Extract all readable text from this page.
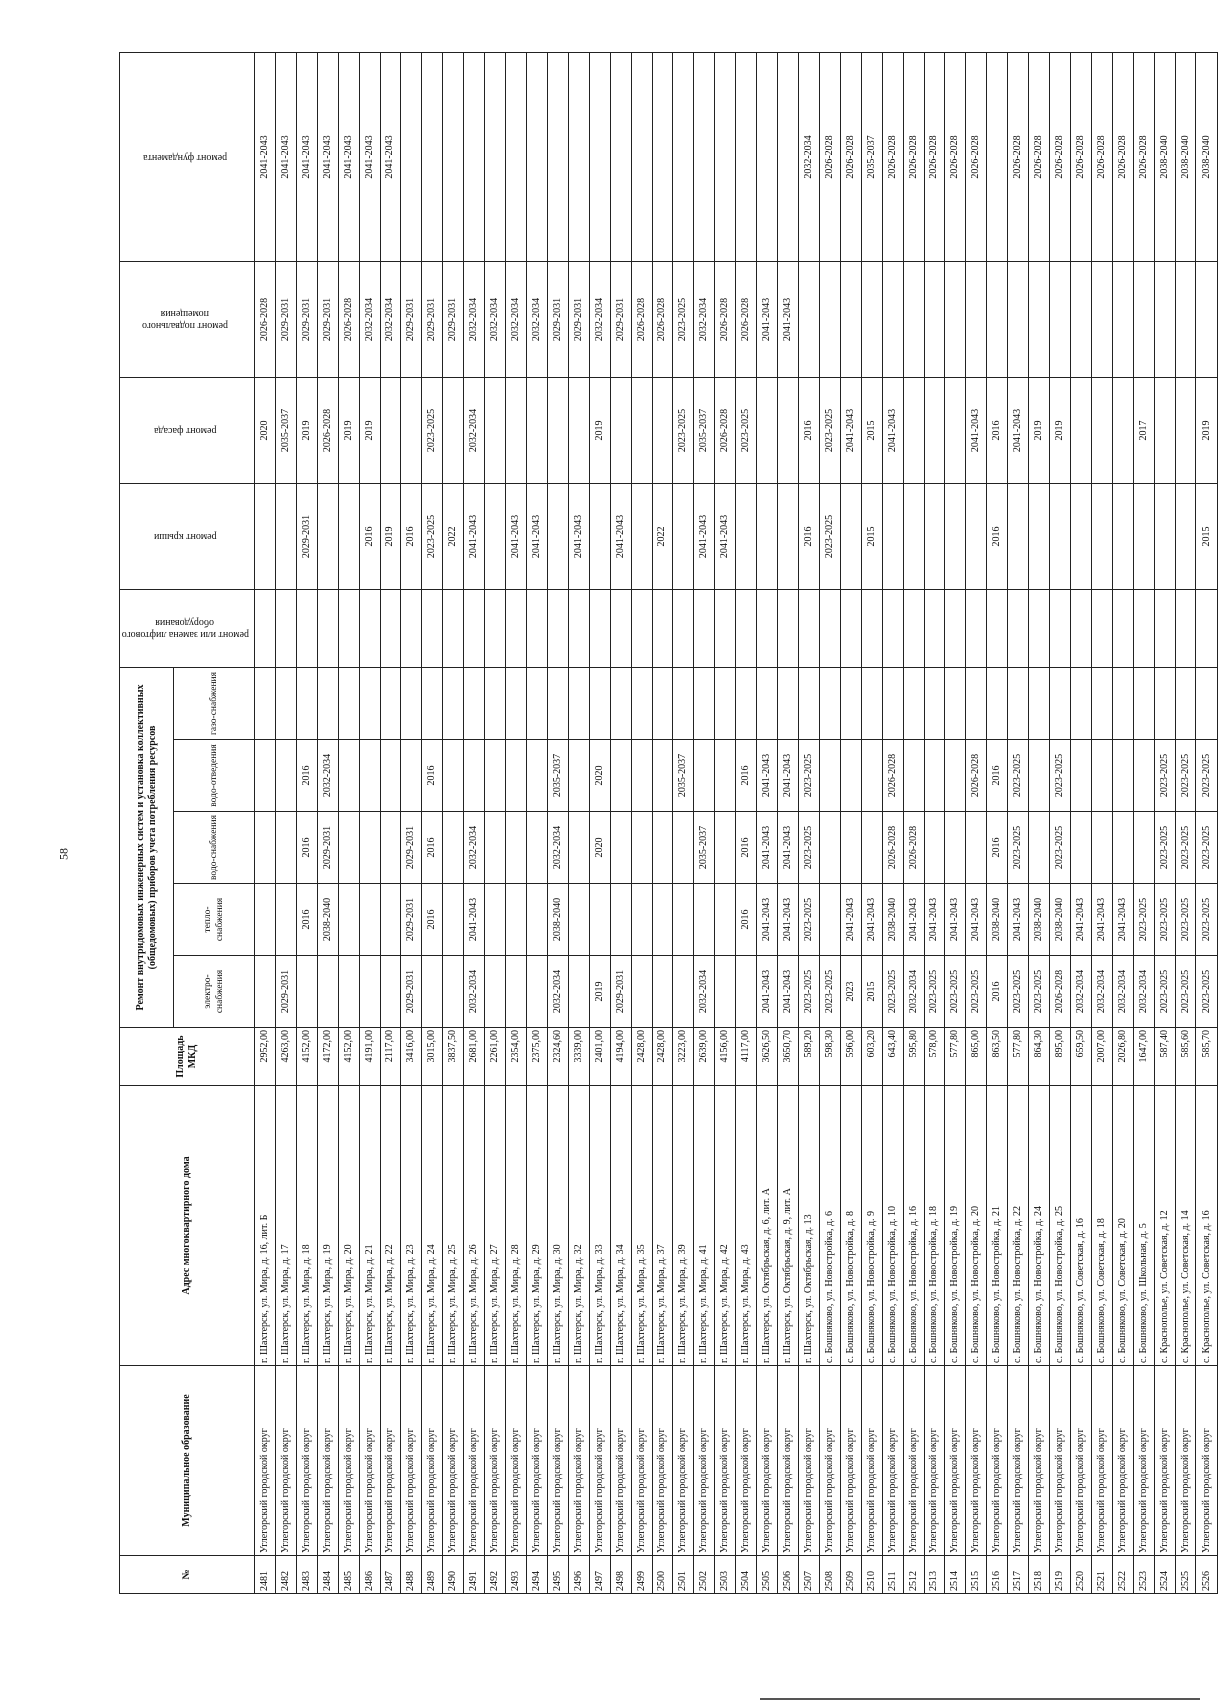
58
№	Муниципальное образование	Адрес многоквартирного дома	Площадь МКД	Ремонт внутридомовых инженерных систем и установка коллективных (общедомовых) приборов учета потребления ресурсов					ремонт или замена лифтового оборудования	ремонт крыши	ремонт фасада	ремонт подвального помещения	ремонт фундамента
				электро-снабжения	тепло-снабжения	водо-снабжения	водо-отведения	газо-снабжения					
2481	Углегорский городской округ	г. Шахтерск, ул. Мира, д. 16, лит. Б	2952,00								2020	2026-2028	2041-2043
2482	Углегорский городской округ	г. Шахтерск, ул. Мира, д. 17	4263,00	2029-2031							2035-2037	2029-2031	2041-2043
2483	Углегорский городской округ	г. Шахтерск, ул. Мира, д. 18	4152,00		2016	2016	2016			2029-2031	2019	2029-2031	2041-2043
2484	Углегорский городской округ	г. Шахтерск, ул. Мира, д. 19	4172,00		2038-2040	2029-2031	2032-2034				2026-2028	2029-2031	2041-2043
2485	Углегорский городской округ	г. Шахтерск, ул. Мира, д. 20	4152,00								2019	2026-2028	2041-2043
2486	Углегорский городской округ	г. Шахтерск, ул. Мира, д. 21	4191,00							2016	2019	2032-2034	2041-2043
2487	Углегорский городской округ	г. Шахтерск, ул. Мира, д. 22	2117,00							2019		2032-2034	2041-2043
2488	Углегорский городской округ	г. Шахтерск, ул. Мира, д. 23	3416,00	2029-2031	2029-2031	2029-2031				2016		2029-2031	
2489	Углегорский городской округ	г. Шахтерск, ул. Мира, д. 24	3015,00		2016	2016	2016			2023-2025	2023-2025	2029-2031	
2490	Углегорский городской округ	г. Шахтерск, ул. Мира, д. 25	3837,50							2022		2029-2031	
2491	Углегорский городской округ	г. Шахтерск, ул. Мира, д. 26	2681,00	2032-2034	2041-2043	2032-2034				2041-2043	2032-2034	2032-2034	
2492	Углегорский городской округ	г. Шахтерск, ул. Мира, д. 27	2261,00									2032-2034	
2493	Углегорский городской округ	г. Шахтерск, ул. Мира, д. 28	2354,00							2041-2043		2032-2034	
2494	Углегорский городской округ	г. Шахтерск, ул. Мира, д. 29	2375,00							2041-2043		2032-2034	
2495	Углегорский городской округ	г. Шахтерск, ул. Мира, д. 30	2324,60	2032-2034	2038-2040	2032-2034	2035-2037					2029-2031	
2496	Углегорский городской округ	г. Шахтерск, ул. Мира, д. 32	3339,00							2041-2043		2029-2031	
2497	Углегорский городской округ	г. Шахтерск, ул. Мира, д. 33	2401,00	2019		2020	2020				2019	2032-2034	
2498	Углегорский городской округ	г. Шахтерск, ул. Мира, д. 34	4194,00	2029-2031						2041-2043		2029-2031	
2499	Углегорский городской округ	г. Шахтерск, ул. Мира, д. 35	2428,00									2026-2028	
2500	Углегорский городской округ	г. Шахтерск, ул. Мира, д. 37	2428,00							2022		2026-2028	
2501	Углегорский городской округ	г. Шахтерск, ул. Мира, д. 39	3223,00				2035-2037				2023-2025	2023-2025	
2502	Углегорский городской округ	г. Шахтерск, ул. Мира, д. 41	2639,00	2032-2034		2035-2037				2041-2043	2035-2037	2032-2034	
2503	Углегорский городской округ	г. Шахтерск, ул. Мира, д. 42	4156,00							2041-2043	2026-2028	2026-2028	
2504	Углегорский городской округ	г. Шахтерск, ул. Мира, д. 43	4117,00		2016	2016	2016				2023-2025	2026-2028	
2505	Углегорский городской округ	г. Шахтерск, ул. Октябрьская, д. 6, лит. А	3626,50	2041-2043	2041-2043	2041-2043	2041-2043					2041-2043	
2506	Углегорский городской округ	г. Шахтерск, ул. Октябрьская, д. 9, лит. А	3650,70	2041-2043	2041-2043	2041-2043	2041-2043					2041-2043	
2507	Углегорский городской округ	г. Шахтерск, ул. Октябрьская, д. 13	589,20	2023-2025	2023-2025	2023-2025	2023-2025			2016	2016		2032-2034
2508	Углегорский городской округ	с. Бошняково, ул. Новостройка, д. 6	598,30	2023-2025						2023-2025	2023-2025		2026-2028
2509	Углегорский городской округ	с. Бошняково, ул. Новостройка, д. 8	596,00	2023	2041-2043						2041-2043		2026-2028
2510	Углегорский городской округ	с. Бошняково, ул. Новостройка, д. 9	603,20	2015	2041-2043					2015	2015		2035-2037
2511	Углегорский городской округ	с. Бошняково, ул. Новостройка, д. 10	643,40	2023-2025	2038-2040	2026-2028	2026-2028				2041-2043		2026-2028
2512	Углегорский городской округ	с. Бошняково, ул. Новостройка, д. 16	595,80	2032-2034	2041-2043	2026-2028							2026-2028
2513	Углегорский городской округ	с. Бошняково, ул. Новостройка, д. 18	578,00	2023-2025	2041-2043								2026-2028
2514	Углегорский городской округ	с. Бошняково, ул. Новостройка, д. 19	577,80	2023-2025	2041-2043								2026-2028
2515	Углегорский городской округ	с. Бошняково, ул. Новостройка, д. 20	865,00	2023-2025	2041-2043		2026-2028				2041-2043		2026-2028
2516	Углегорский городской округ	с. Бошняково, ул. Новостройка, д. 21	863,50	2016	2038-2040	2016	2016			2016	2016		
2517	Углегорский городской округ	с. Бошняково, ул. Новостройка, д. 22	577,80	2023-2025	2041-2043	2023-2025	2023-2025				2041-2043		2026-2028
2518	Углегорский городской округ	с. Бошняково, ул. Новостройка, д. 24	864,30	2023-2025	2038-2040						2019		2026-2028
2519	Углегорский городской округ	с. Бошняково, ул. Новостройка, д. 25	895,00	2026-2028	2038-2040	2023-2025	2023-2025				2019		2026-2028
2520	Углегорский городской округ	с. Бошняково, ул. Советская, д. 16	659,50	2032-2034	2041-2043								2026-2028
2521	Углегорский городской округ	с. Бошняково, ул. Советская, д. 18	2007,00	2032-2034	2041-2043								2026-2028
2522	Углегорский городской округ	с. Бошняково, ул. Советская, д. 20	2026,80	2032-2034	2041-2043								2026-2028
2523	Углегорский городской округ	с. Бошняково, ул. Школьная, д. 5	1647,00	2032-2034	2023-2025						2017		2026-2028
2524	Углегорский городской округ	с. Краснополье, ул. Советская, д. 12	587,40	2023-2025	2023-2025	2023-2025	2023-2025						2038-2040
2525	Углегорский городской округ	с. Краснополье, ул. Советская, д. 14	585,60	2023-2025	2023-2025	2023-2025	2023-2025						2038-2040
2526	Углегорский городской округ	с. Краснополье, ул. Советская, д. 16	585,70	2023-2025	2023-2025	2023-2025	2023-2025			2015	2019		2038-2040
